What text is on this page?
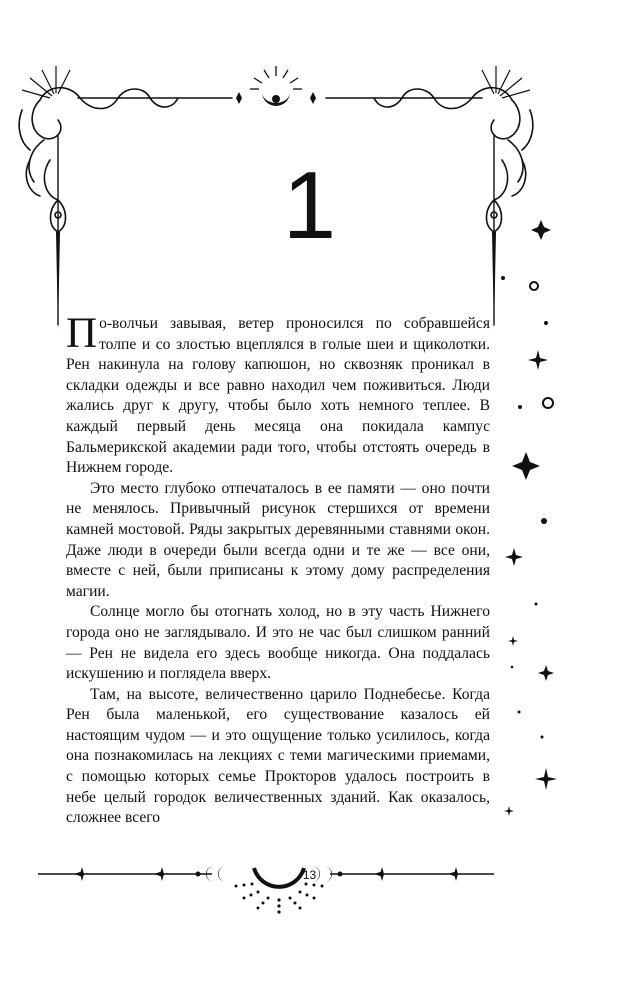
1

По-волчьи завывая, ветер проносился по собравшейся толпе и со злостью вцеплялся в голые шеи и щиколотки. Рен накинула на голову капюшон, но сквозняк проникал в складки одежды и все равно находил чем поживиться. Люди жались друг к другу, чтобы было хоть немного теплее. В каждый первый день месяца она покидала кампус Бальмерикской академии ради того, чтобы отстоять очередь в Нижнем городе.

Это место глубоко отпечаталось в ее памяти — оно почти не менялось. Привычный рисунок стершихся от времени камней мостовой. Ряды закрытых деревянными ставнями окон. Даже люди в очереди были всегда одни и те же — все они, вместе с ней, были приписаны к этому дому распределения магии.

Солнце могло бы отогнать холод, но в эту часть Нижнего города оно не заглядывало. И это не час был слишком ранний — Рен не видела его здесь вообще никогда. Она поддалась искушению и поглядела вверх.

Там, на высоте, величественно царило Поднебесье. Когда Рен была маленькой, его существование казалось ей настоящим чудом — и это ощущение только усилилось, когда она познакомилась на лекциях с теми магическими приемами, с помощью которых семье Прокторов удалось построить в небе целый городок величественных зданий. Как оказалось, сложнее всего

13
